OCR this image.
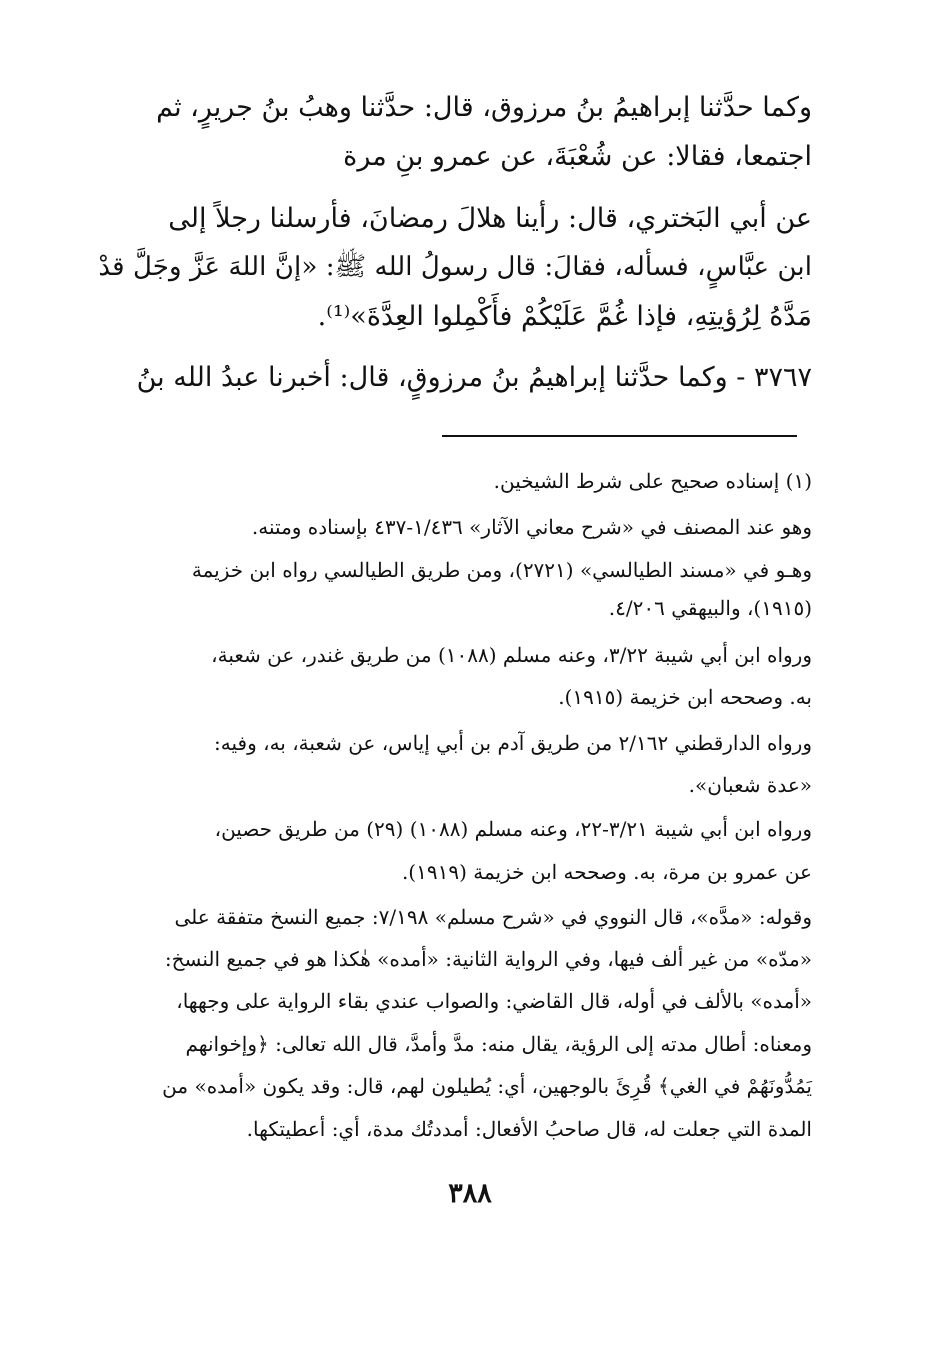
وكما حدَّثنا إبراهيمُ بنُ مرزوق، قال: حدَّثنا وهبُ بنُ جريرٍ، ثم
اجتمعا، فقالا: عن شُعْبَةَ، عن عمرو بنِ مرة
عن أبي البَختري، قال: رأينا هلالَ رمضانَ، فأرسلنا رجلاً إلى
ابن عبَّاسٍ، فسأله، فقالَ: قال رسولُ الله ﷺ: «إنَّ اللهَ عَزَّ وجَلَّ قدْ
مَدَّهُ لِرُؤيتِهِ، فإذا غُمَّ عَلَيْكُمْ فأَكْمِلوا العِدَّةَ»⁽¹⁾.
٣٧٦٧ - وكما حدَّثنا إبراهيمُ بنُ مرزوقٍ، قال: أخبرنا عبدُ الله بنُ
(١) إسناده صحيح على شرط الشيخين.
وهو عند المصنف في «شرح معاني الآثار» ١/٤٣٦-٤٣٧ بإسناده ومتنه.
وهـو في «مسند الطيالسي» (٢٧٢١)، ومن طريق الطيالسي رواه ابن خزيمة
(١٩١٥)، والبيهقي ٤/٢٠٦.
ورواه ابن أبي شيبة ٣/٢٢، وعنه مسلم (١٠٨٨) من طريق غندر، عن شعبة،
به. وصححه ابن خزيمة (١٩١٥).
ورواه الدارقطني ٢/١٦٢ من طريق آدم بن أبي إياس، عن شعبة، به، وفيه:
«عدة شعبان».
ورواه ابن أبي شيبة ٣/٢١-٢٢، وعنه مسلم (١٠٨٨) (٢٩) من طريق حصين،
عن عمرو بن مرة، به. وصححه ابن خزيمة (١٩١٩).
وقوله: «مدَّه»، قال النووي في «شرح مسلم» ٧/١٩٨: جميع النسخ متفقة على
«مدّه» من غير ألف فيها، وفي الرواية الثانية: «أمده» هٰكذا هو في جميع النسخ:
«أمده» بالألف في أوله، قال القاضي: والصواب عندي بقاء الرواية على وجهها،
ومعناه: أطال مدته إلى الرؤية، يقال منه: مدَّ وأمدَّ، قال الله تعالى: ﴿وإخوانهم
يَمُدُّونَهُمْ في الغي﴾ قُرِئَ بالوجهين، أي: يُطيلون لهم، قال: وقد يكون «أمده» من
المدة التي جعلت له، قال صاحبُ الأفعال: أمددتُك مدة، أي: أعطيتكها.
٣٨٨
